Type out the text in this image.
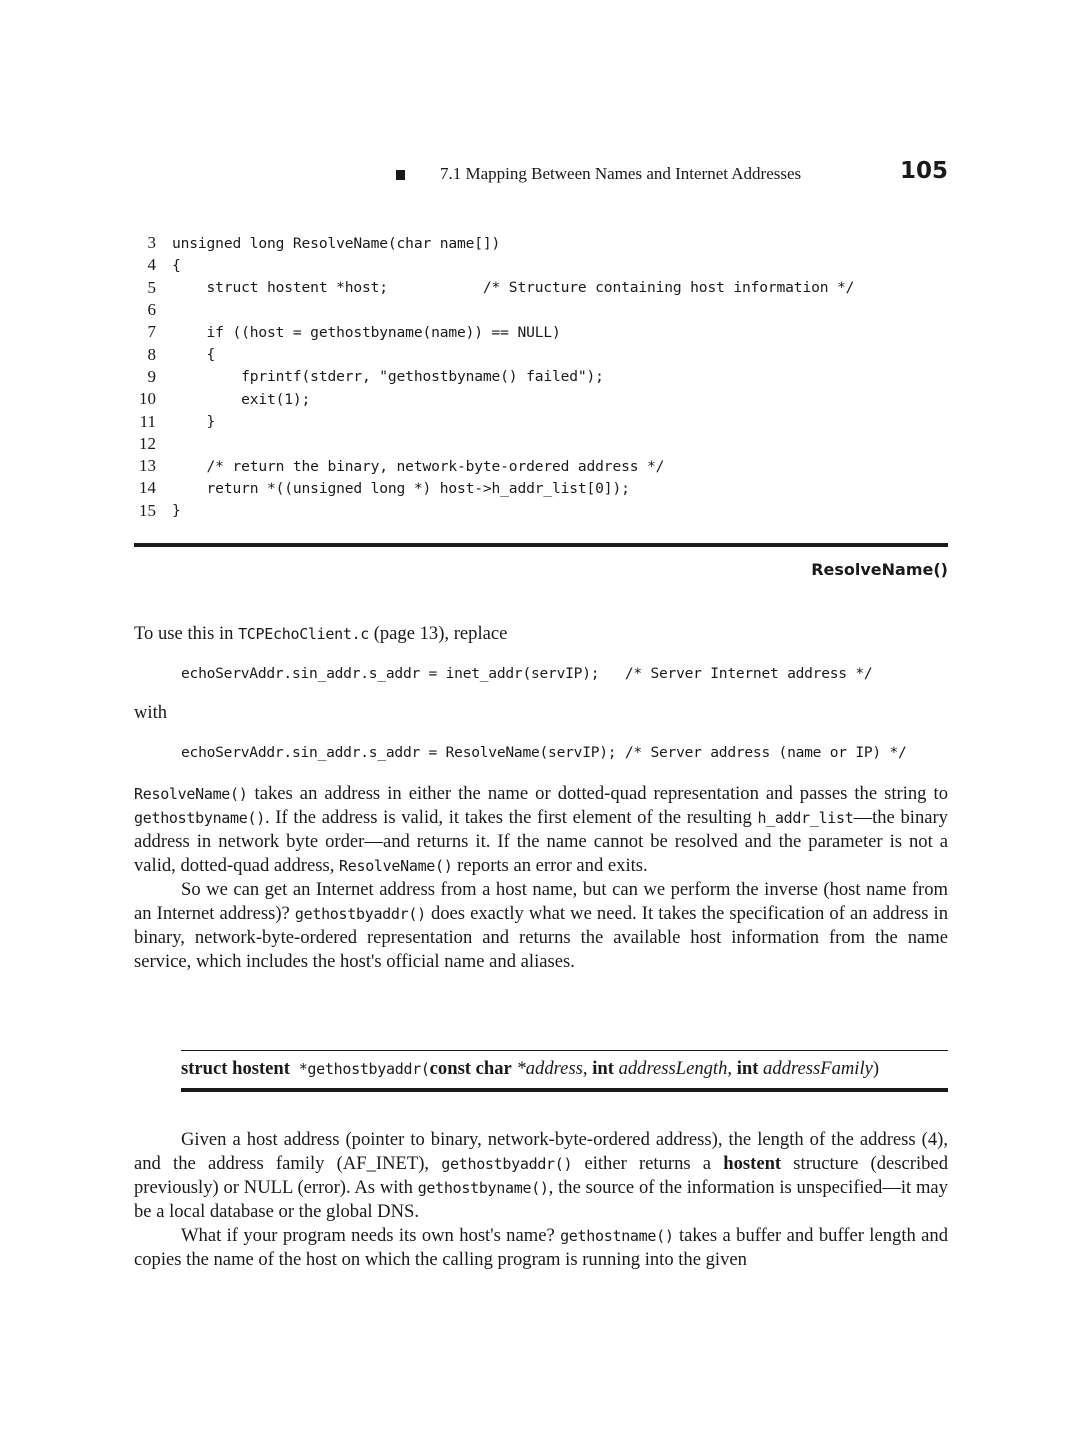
7.1 Mapping Between Names and Internet Addresses	105
3 unsigned long ResolveName(char name[])
4 {
5 struct hostent *host;           /* Structure containing host information */
6
7 if ((host = gethostbyname(name)) == NULL)
8 {
9 fprintf(stderr, "gethostbyname() failed");
10 exit(1);
11 }
12
13 /* return the binary, network-byte-ordered address */
14 return *((unsigned long *) host->h_addr_list[0]);
15 }
ResolveName()

To use this in TCPEchoClient.c (page 13), replace

echoServAddr.sin_addr.s_addr = inet_addr(servIP);   /* Server Internet address */

with

echoServAddr.sin_addr.s_addr = ResolveName(servIP); /* Server address (name or IP) */

ResolveName() takes an address in either the name or dotted-quad representation and passes the string to gethostbyname(). If the address is valid, it takes the first element of the resulting h_addr_list—the binary address in network byte order—and returns it. If the name cannot be resolved and the parameter is not a valid, dotted-quad address, ResolveName() reports an error and exits.

So we can get an Internet address from a host name, but can we perform the inverse (host name from an Internet address)? gethostbyaddr() does exactly what we need. It takes the specification of an address in binary, network-byte-ordered representation and returns the available host information from the name service, which includes the host's official name and aliases.

struct hostent *gethostbyaddr(const char *address, int addressLength, int addressFamily)

Given a host address (pointer to binary, network-byte-ordered address), the length of the address (4), and the address family (AF_INET), gethostbyaddr() either returns a hostent structure (described previously) or NULL (error). As with gethostbyname(), the source of the information is unspecified—it may be a local database or the global DNS.

What if your program needs its own host's name? gethostname() takes a buffer and buffer length and copies the name of the host on which the calling program is running into the given
